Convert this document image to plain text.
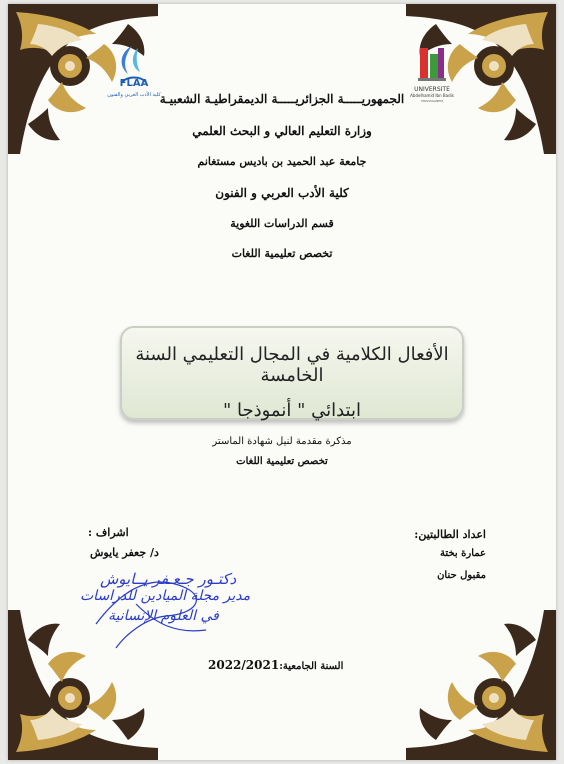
FLAA
كلية الأدب العربي والفنون
UNIVERSITE
Abdelhamid Ibn Badis
MOSTAGANEM
الجمهوريـــــة الجزائريـــــة الديمقراطيـة الشعبيـة
وزارة التعليم العالي و البحث العلمي
جامعة عبد الحميد بن باديس مستغانم
كلية الأدب العربي و الفنون
قسم الدراسات اللغوية
تخصص تعليمية اللغات
الأفعال الكلامية في المجال التعليمي السنة الخامسة
ابتدائي " أنموذجا "
مذكرة مقدمة لنيل شهادة الماستر
تخصص تعليمية اللغات
اعداد الطالبتين:
عمارة بختة
مقبول حنان
اشراف :
د/ جعفر يايوش
دكتـور جـعـفر يــايوش
مدير مجلة الميادين للدراسات
في العلوم الإنسانية
السنة الجامعية:2022/2021
